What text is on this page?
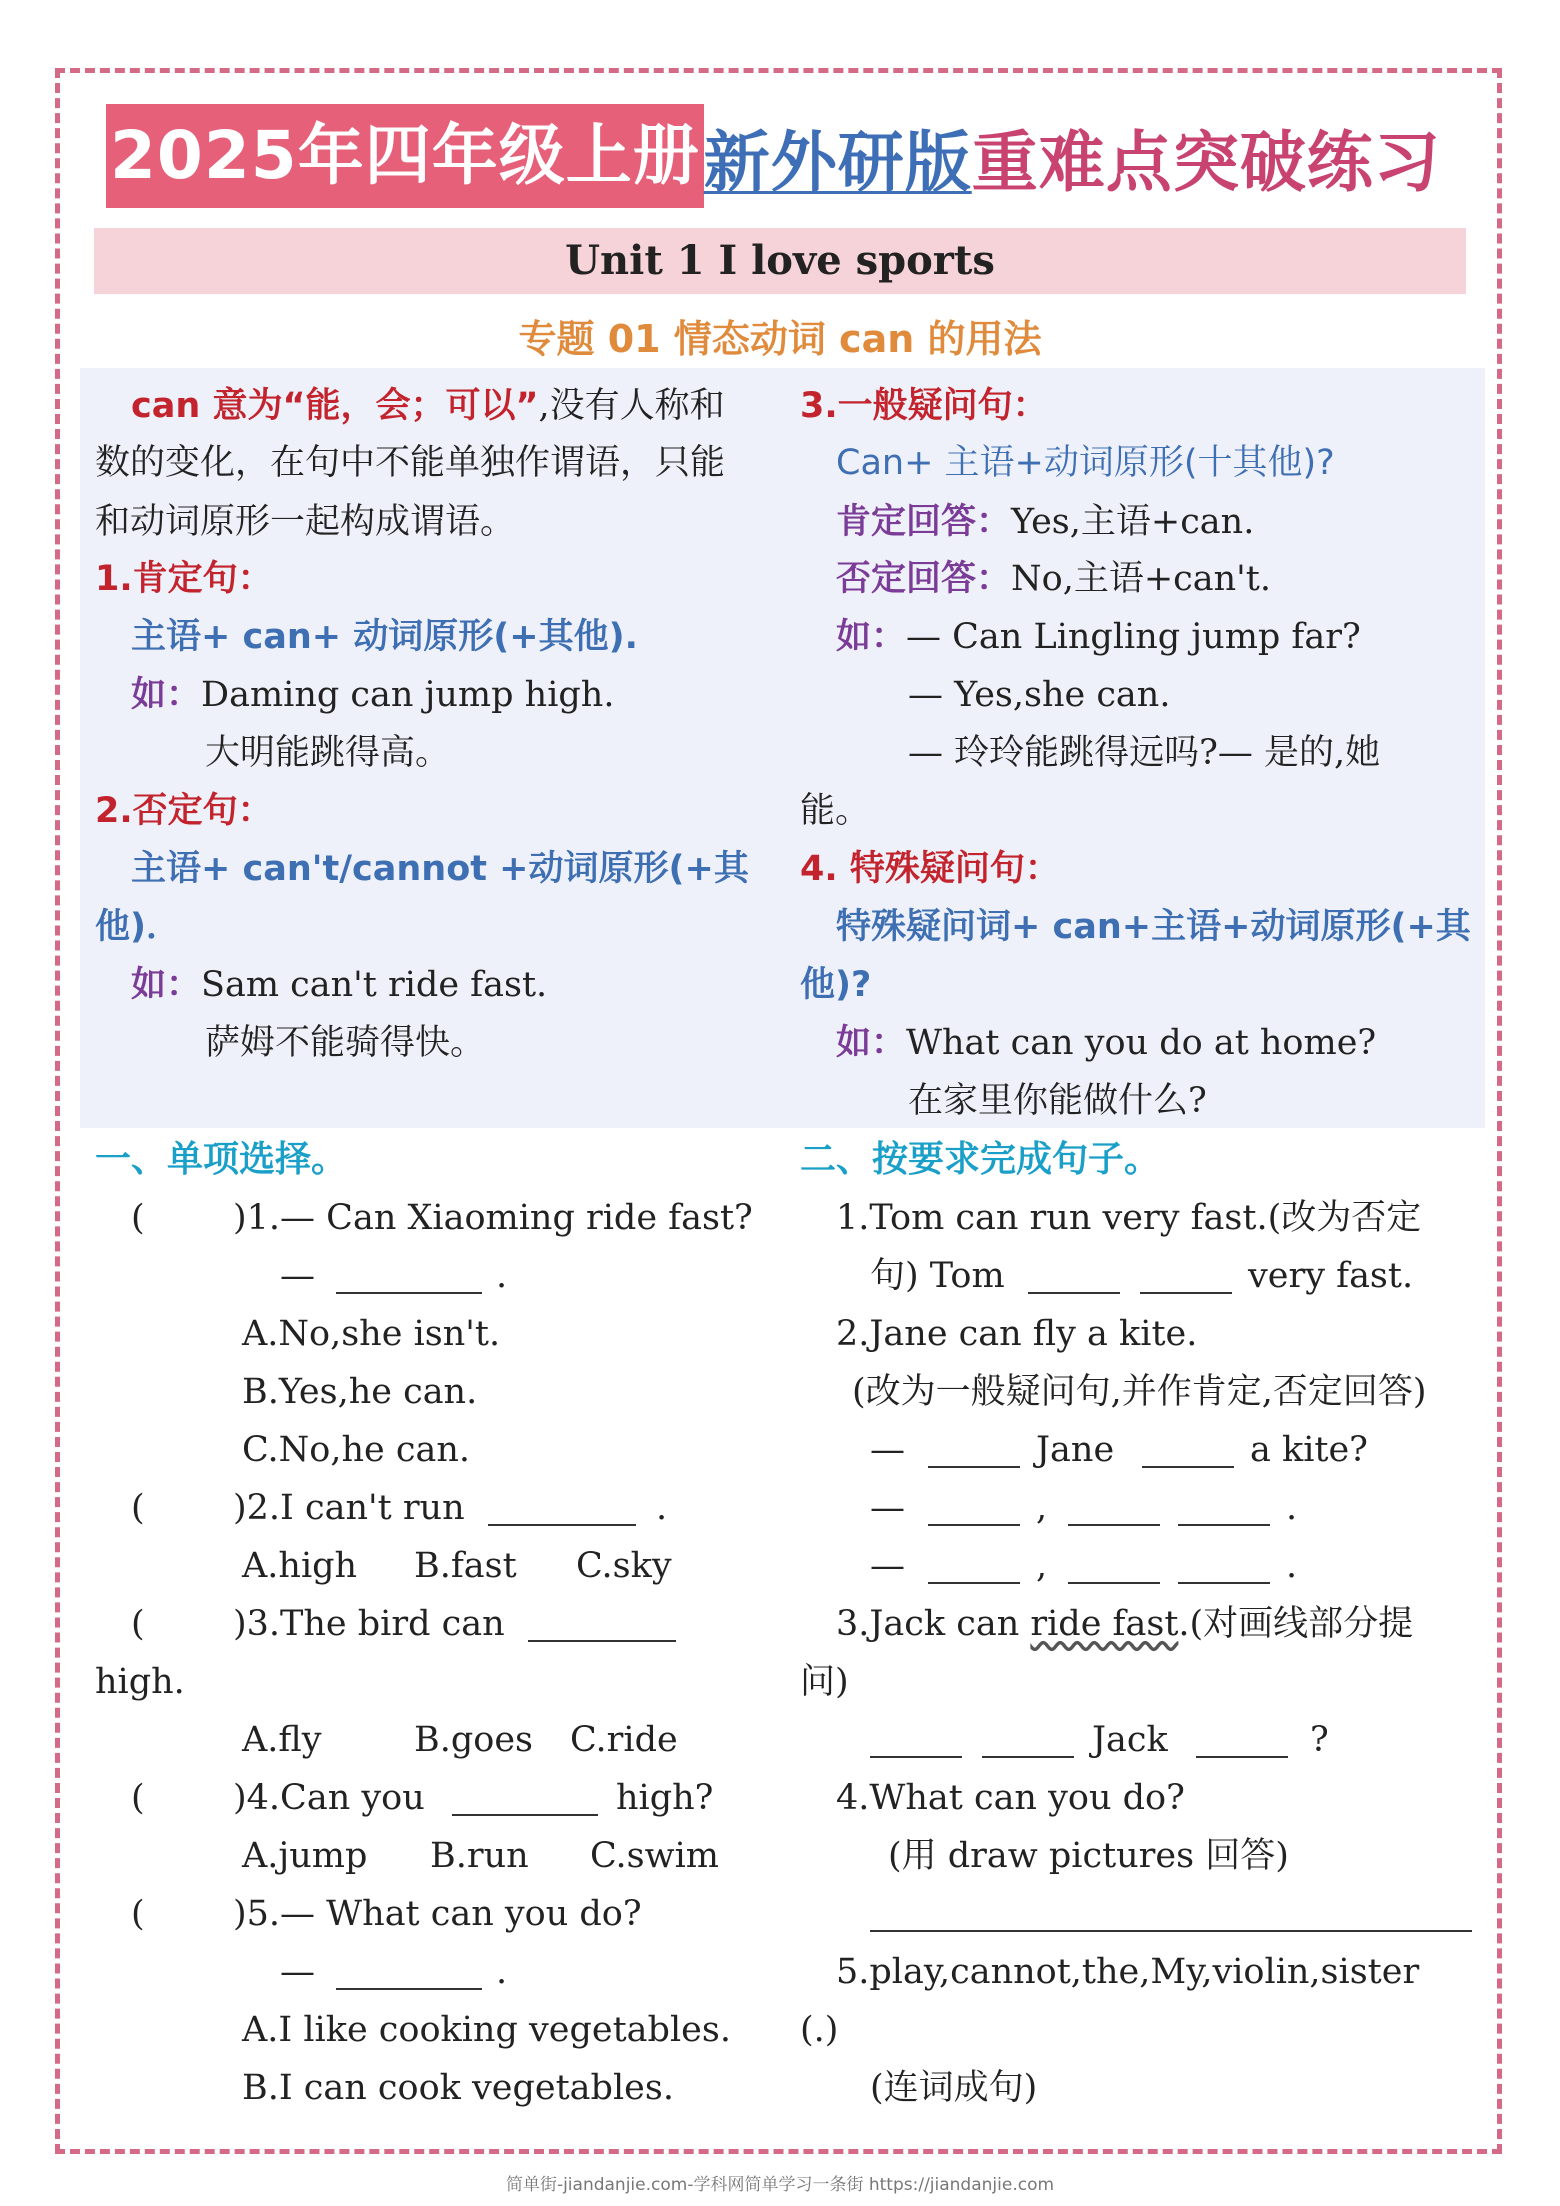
2025年四年级上册 新外研版 重难点突破练习
Unit 1 I love sports
专题 01 情态动词 can 的用法
can 意为“能，会；可以”,没有人称和
数的变化，在句中不能单独作谓语，只能
和动词原形一起构成谓语。
1.肯定句：
主语+ can+ 动词原形(+其他).
如：Daming can jump high.
大明能跳得高。
2.否定句：
主语+ can't/cannot +动词原形(+其
他)．
如：Sam can't ride fast.
萨姆不能骑得快。
3.一般疑问句：
Can+ 主语+动词原形(十其他)?
肯定回答：Yes,主语+can.
否定回答：No,主语+can't.
如：— Can Lingling jump far?
— Yes,she can.
— 玲玲能跳得远吗?— 是的,她
能。
4. 特殊疑问句：
特殊疑问词+ can+主语+动词原形(+其
他)?
如：What can you do at home?
在家里你能做什么?
一、单项选择。
(	)1.— Can Xiaoming ride fast?
—	.
A.No,she isn't.
B.Yes,he can.
C.No,he can.
(	)2.I can't run	.
A.high B.fast C.sky
(	)3.The bird can
high.
A.fly	B.goes C.ride
(	)4.Can you	high?
A.jump B.run C.swim
(	)5.— What can you do?
—	.
A.I like cooking vegetables.
B.I can cook vegetables.
二、按要求完成句子。
1.Tom can run very fast.(改为否定
句) Tom	very fast.
2.Jane can fly a kite.
(改为一般疑问句,并作肯定,否定回答)
—	Jane	a kite?
—	,	.
—	,	.
3.Jack can ride fast.(对画线部分提
问)
Jack	?
4.What can you do?
(用 draw pictures 回答)
5.play,cannot,the,My,violin,sister
(.)
(连词成句)
简单街-jiandanjie.com-学科网简单学习一条街 https://jiandanjie.com
